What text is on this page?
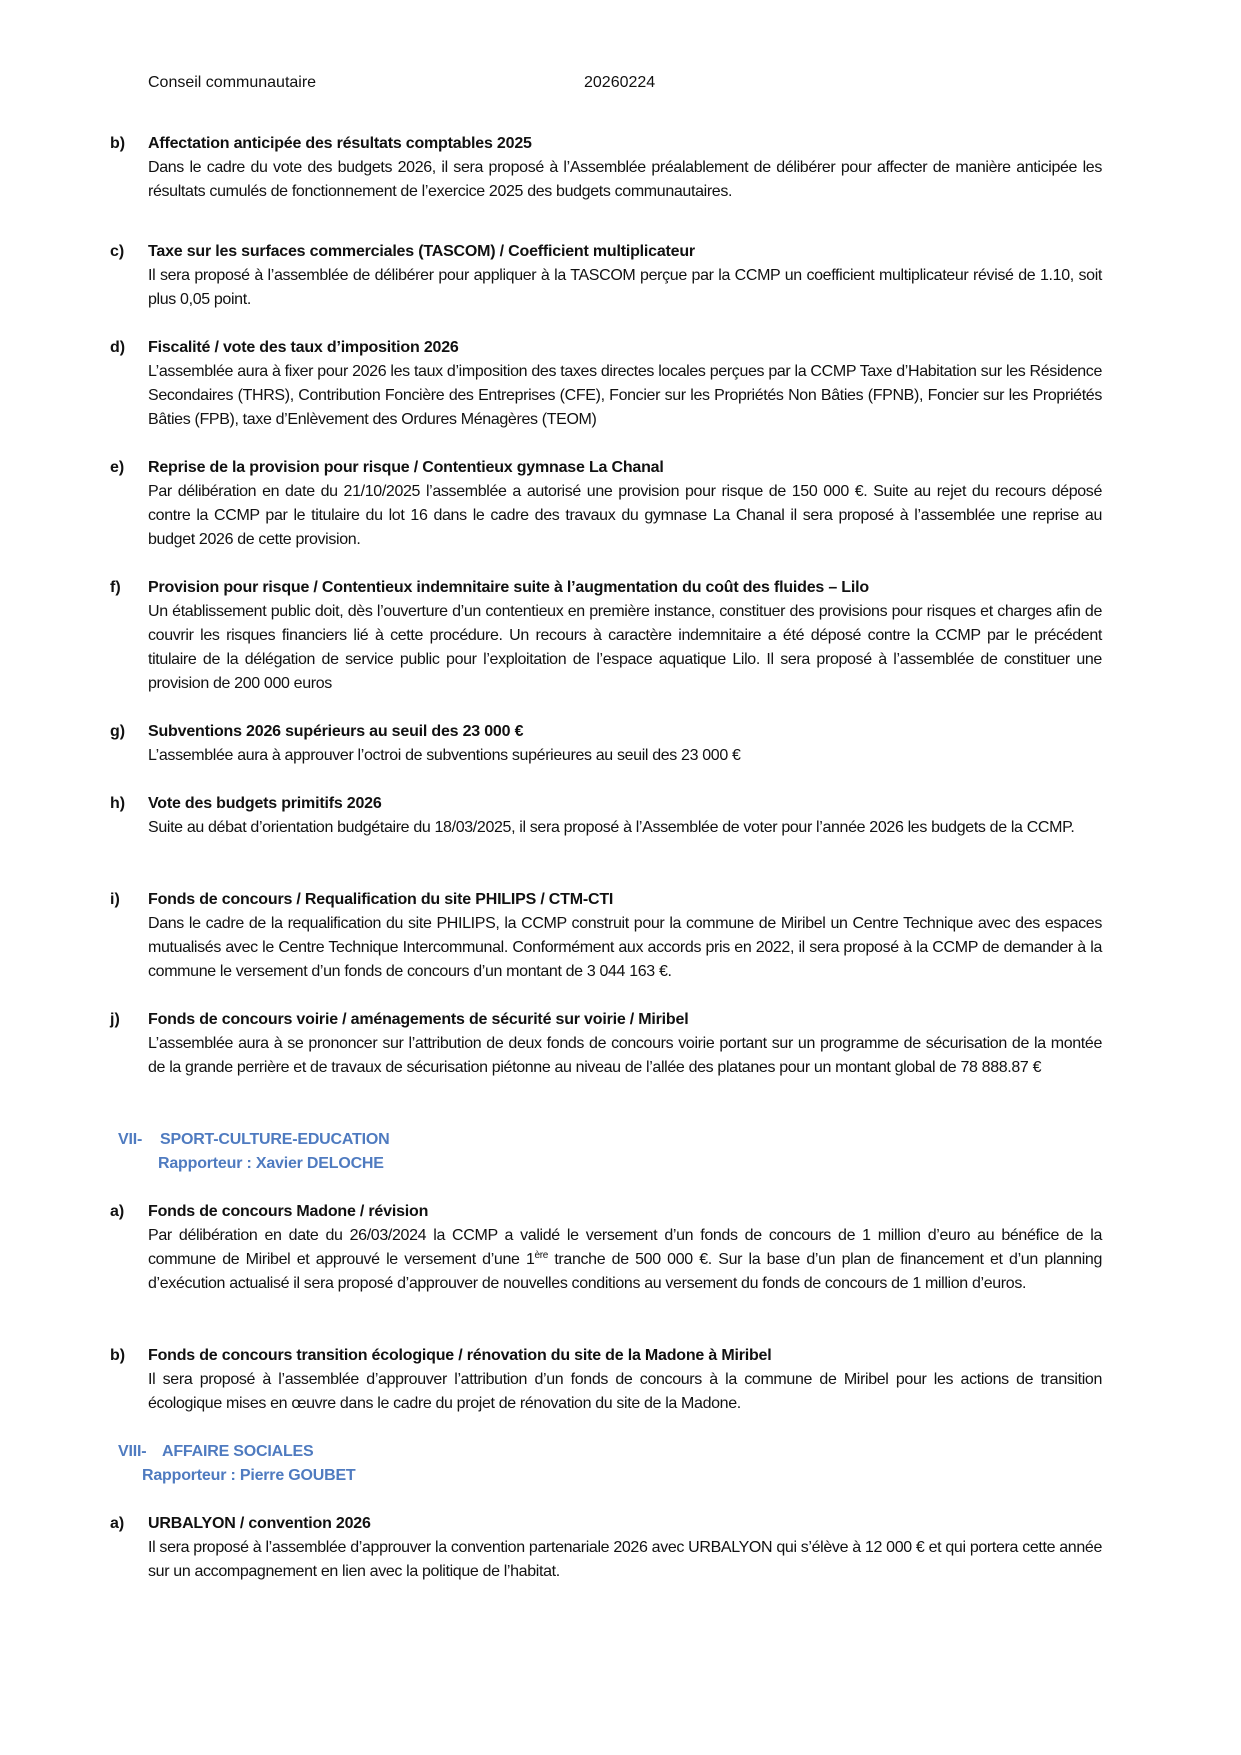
Conseil communautaire	20260224
b) Affectation anticipée des résultats comptables 2025
Dans le cadre du vote des budgets 2026, il sera proposé à l’Assemblée préalablement de délibérer pour affecter de manière anticipée les résultats cumulés de fonctionnement de l’exercice 2025 des budgets communautaires.
c) Taxe sur les surfaces commerciales (TASCOM) / Coefficient multiplicateur
Il sera proposé à l’assemblée de délibérer pour appliquer à la TASCOM perçue par la CCMP un coefficient multiplicateur révisé de 1.10, soit plus 0,05 point.
d) Fiscalité / vote des taux d’imposition 2026
L’assemblée aura à fixer pour 2026 les taux d’imposition des taxes directes locales perçues par la CCMP Taxe d’Habitation sur les Résidence Secondaires (THRS), Contribution Foncière des Entreprises (CFE), Foncier sur les Propriétés Non Bâties (FPNB), Foncier sur les Propriétés Bâties (FPB), taxe d’Enlèvement des Ordures Ménagères (TEOM)
e) Reprise de la provision pour risque / Contentieux gymnase La Chanal
Par délibération en date du 21/10/2025 l’assemblée a autorisé une provision pour risque de 150 000 €. Suite au rejet du recours déposé contre la CCMP par le titulaire du lot 16 dans le cadre des travaux du gymnase La Chanal il sera proposé à l’assemblée une reprise au budget 2026 de cette provision.
f) Provision pour risque / Contentieux indemnitaire suite à l’augmentation du coût des fluides – Lilo
Un établissement public doit, dès l’ouverture d’un contentieux en première instance, constituer des provisions pour risques et charges afin de couvrir les risques financiers lié à cette procédure. Un recours à caractère indemnitaire a été déposé contre la CCMP par le précédent titulaire de la délégation de service public pour l’exploitation de l’espace aquatique Lilo. Il sera proposé à l’assemblée de constituer une provision de 200 000 euros
g) Subventions 2026 supérieurs au seuil des 23 000 €
L’assemblée aura à approuver l’octroi de subventions supérieures au seuil des 23 000 €
h) Vote des budgets primitifs 2026
Suite au débat d’orientation budgétaire du 18/03/2025, il sera proposé à l’Assemblée de voter pour l’année 2026 les budgets de la CCMP.
i) Fonds de concours / Requalification du site PHILIPS / CTM-CTI
Dans le cadre de la requalification du site PHILIPS, la CCMP construit pour la commune de Miribel un Centre Technique avec des espaces mutualisés avec le Centre Technique Intercommunal. Conformément aux accords pris en 2022, il sera proposé à la CCMP de demander à la commune le versement d’un fonds de concours d’un montant de 3 044 163 €.
j) Fonds de concours voirie / aménagements de sécurité sur voirie / Miribel
L’assemblée aura à se prononcer sur l’attribution de deux fonds de concours voirie portant sur un programme de sécurisation de la montée de la grande perrière et de travaux de sécurisation piétonne au niveau de l’allée des platanes pour un montant global de 78 888.87 €
VII- SPORT-CULTURE-EDUCATION
Rapporteur : Xavier DELOCHE
a) Fonds de concours Madone / révision
Par délibération en date du 26/03/2024 la CCMP a validé le versement d’un fonds de concours de 1 million d’euro au bénéfice de la commune de Miribel et approuvé le versement d’une 1ère tranche de 500 000 €. Sur la base d’un plan de financement et d’un planning d’exécution actualisé il sera proposé d’approuver de nouvelles conditions au versement du fonds de concours de 1 million d’euros.
b) Fonds de concours transition écologique / rénovation du site de la Madone à Miribel
Il sera proposé à l’assemblée d’approuver l’attribution d’un fonds de concours à la commune de Miribel pour les actions de transition écologique mises en œuvre dans le cadre du projet de rénovation du site de la Madone.
VIII- AFFAIRE SOCIALES
Rapporteur : Pierre GOUBET
a) URBALYON / convention 2026
Il sera proposé à l’assemblée d’approuver la convention partenariale 2026 avec URBALYON qui s’élève à 12 000 € et qui portera cette année sur un accompagnement en lien avec la politique de l’habitat.
